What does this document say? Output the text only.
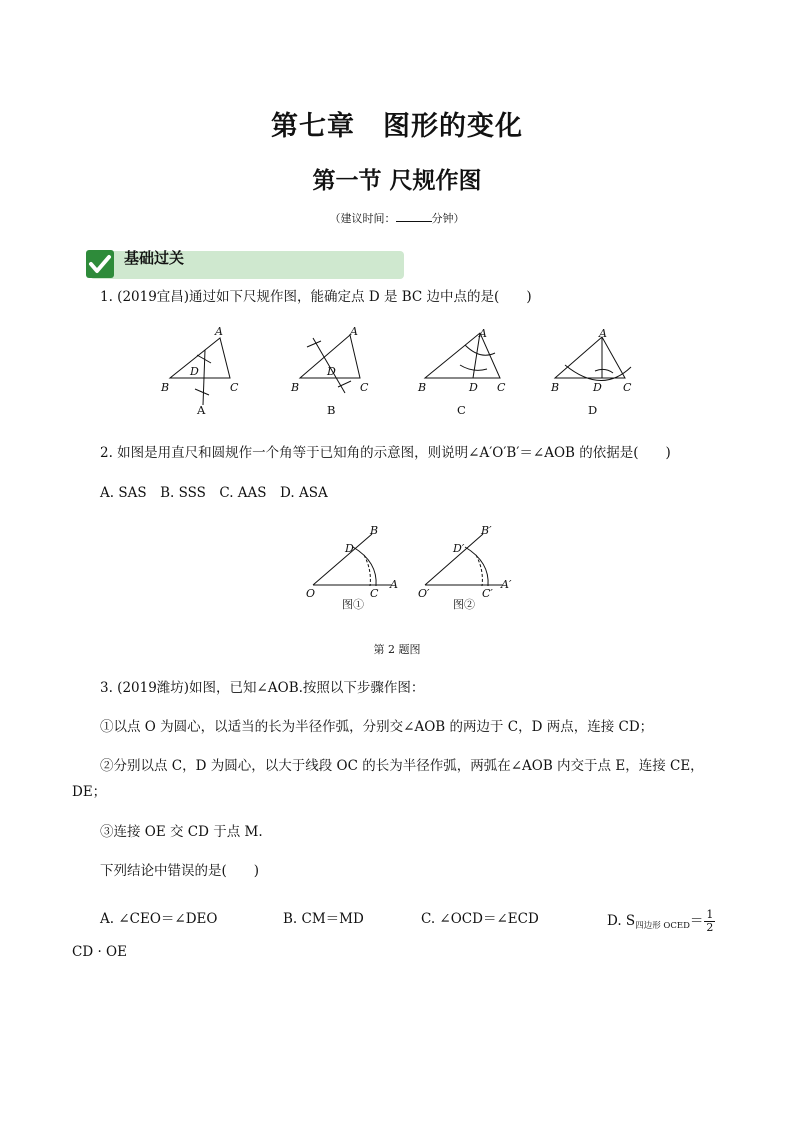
第七章　图形的变化
第一节 尺规作图
（建议时间：	分钟）
基础过关
1. (2019宜昌)通过如下尺规作图，能确定点 D 是 BC 边中点的是(　　)
B	C
A
D
B	C
A
D
B	C
A
D	B	C
A
D
A	B	C	D
2. 如图是用直尺和圆规作一个角等于已知角的示意图，则说明∠A′O′B′＝∠AOB 的依据是(　　)
A. SAS　B. SSS　C. AAS　D. ASA
O	C
A
B
D
O′	C′
A′
B′
D′
图①	图②
第 2 题图
3. (2019潍坊)如图，已知∠AOB.按照以下步骤作图：
①以点 O 为圆心，以适当的长为半径作弧，分别交∠AOB 的两边于 C，D 两点，连接 CD；
②分别以点 C，D 为圆心，以大于线段 OC 的长为半径作弧，两弧在∠AOB 内交于点 E，连接 CE，
DE；
③连接 OE 交 CD 于点 M.
下列结论中错误的是(　　)
A. ∠CEO＝∠DEO	B. CM＝MD	C. ∠OCD＝∠ECD	D. $S_{四边形 OCED}= \frac{1}{2}$
CD · OE
